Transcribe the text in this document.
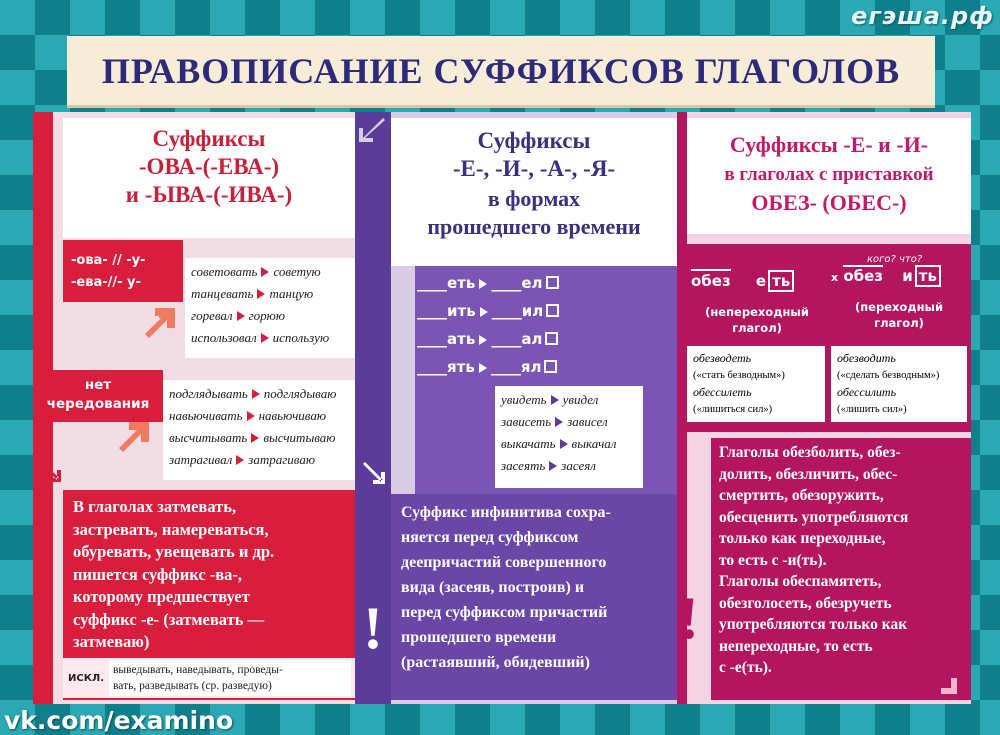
егэша.рф
ПРАВОПИСАНИЕ СУФФИКСОВ ГЛАГОЛОВ
Суффиксы
-ОВА-(-ЕВА-)
и -ЫВА-(-ИВА-)
-ова- // -у-
-ева-//- у-
советовать советую
танцевать танцую
горевал горюю
использовал использую
нет
чередования
подглядывать подглядываю
навьючивать навьючиваю
высчитывать высчитываю
затрагивал затрагиваю
!
В глаголах затмевать,
застревать, намереваться,
обуревать, увещевать и др.
пишется суффикс -ва-,
которому предшествует
суффикс -е- (затмевать —
затмеваю)
ИСКЛ.
выведывать, наведывать, проведы-
вать, разведывать (ср. разведую)
Суффиксы
-Е-, -И-, -А-, -Я-
в формах
прошедшего времени
____еть ____ел
____ить ____ил
____ать ____ал
____ять ____ял
увидеть увидел
зависеть зависел
выкачать выкачал
засеять засеял
!
Суффикс инфинитива сохра-
няется перед суффиксом
деепричастий совершенного
вида (засеяв, построив) и
перед суффиксом причастий
прошедшего времени
(растаявший, обидевший)
Суффиксы -Е- и -И-
в глаголах с приставкой
ОБЕЗ- (ОБЕС-)
обез е ть
(непереходный
глагол)
кого? что?
х обез и ть
(переходный
глагол)
обезводеть
(«стать безводным»)
обессилеть
(«лишиться сил»)
обезводить
(«сделать безводным»)
обессилить
(«лишить сил»)
!
Глаголы обезболить, обез-
долить, обезличить, обес-
смертить, обезоружить,
обесценить употребляются
только как переходные,
то есть с -и(ть).
Глаголы обеспамятеть,
обезголосеть, обезручеть
употребляются только как
непереходные, то есть
с -е(ть).
vk.com/examino
